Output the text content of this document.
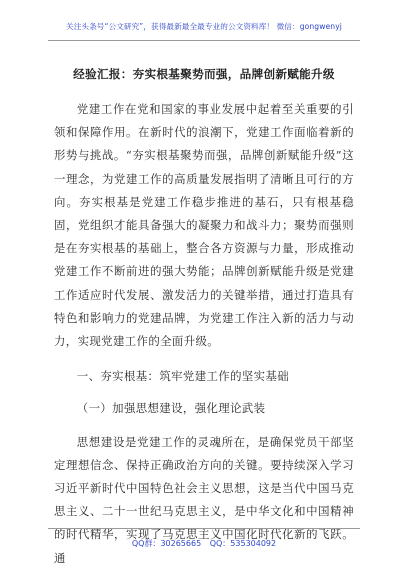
关注头条号“公文研究”，获得最新最全最专业的公文资料库！ 微信：gongwenyj
经验汇报：夯实根基聚势而强，品牌创新赋能升级

党建工作在党和国家的事业发展中起着至关重要的引领和保障作用。在新时代的浪潮下，党建工作面临着新的形势与挑战。“夯实根基聚势而强，品牌创新赋能升级”这一理念，为党建工作的高质量发展指明了清晰且可行的方向。夯实根基是党建工作稳步推进的基石，只有根基稳固，党组织才能具备强大的凝聚力和战斗力；聚势而强则是在夯实根基的基础上，整合各方资源与力量，形成推动党建工作不断前进的强大势能；品牌创新赋能升级是党建工作适应时代发展、激发活力的关键举措，通过打造具有特色和影响力的党建品牌，为党建工作注入新的活力与动力，实现党建工作的全面升级。

一、夯实根基：筑牢党建工作的坚实基础

（一）加强思想建设，强化理论武装

思想建设是党建工作的灵魂所在，是确保党员干部坚定理想信念、保持正确政治方向的关键。要持续深入学习习近平新时代中国特色社会主义思想，这是当代中国马克思主义、二十一世纪马克思主义，是中华文化和中国精神的时代精华，实现了马克思主义中国化时代化新的飞跃。通

QQ群：30265665 QQ：535304092
